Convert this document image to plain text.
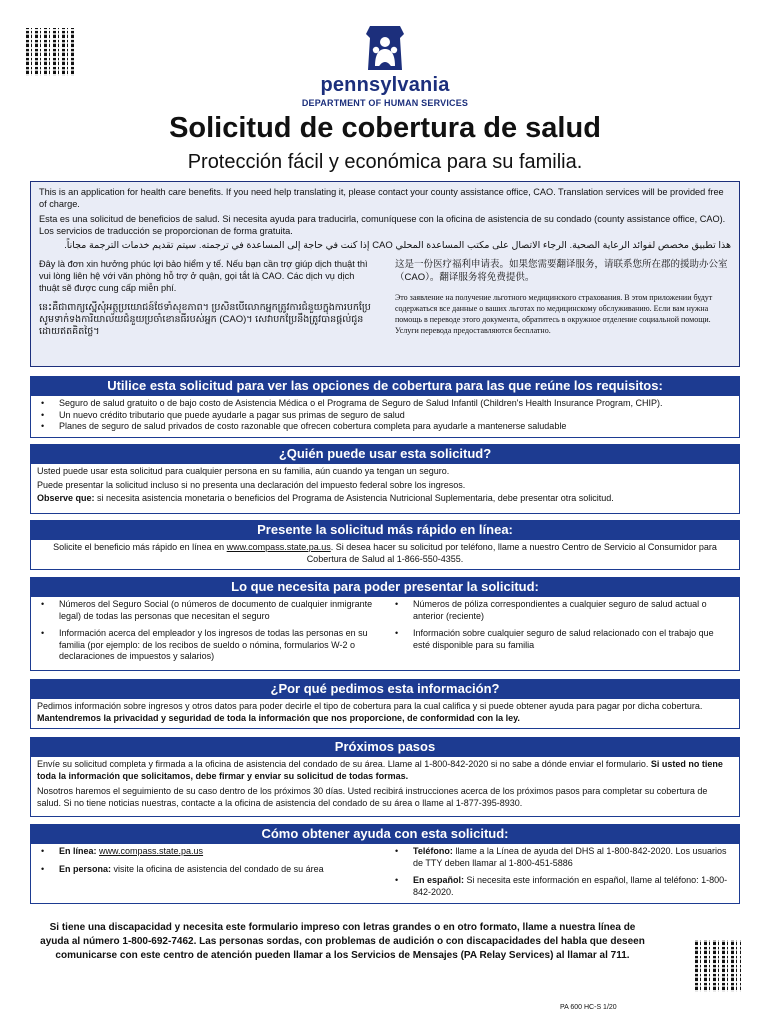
pennsylvania
DEPARTMENT OF HUMAN SERVICES
Solicitud de cobertura de salud
Protección fácil y económica para su familia.

This is an application for health care benefits. If you need help translating it, please contact your county assistance office, CAO. Translation services will be provided free of charge.

Esta es una solicitud de beneficios de salud. Si necesita ayuda para traducirla, comuníquese con la oficina de asistencia de su condado (county assistance office, CAO). Los servicios de traducción se proporcionan de forma gratuita.

هذا تطبيق مخصص لفوائد الرعاية الصحية. الرجاء الاتصال على مكتب المساعدة المحلي CAO إذا كنت في حاجة إلى المساعدة في ترجمته. سيتم تقديم خدمات الترجمة مجاناً.

Đây là đơn xin hưởng phúc lợi bảo hiểm y tế. Nếu bạn cần trợ giúp dịch thuật thì vui lòng liên hệ với văn phòng hỗ trợ ở quận, gọi tắt là CAO. Các dịch vụ dịch thuật sẽ được cung cấp miễn phí.

នេះគឺជាពាក្យស្នើសុំអត្ថប្រយោជន៍ថែទាំសុខភាព។ ប្រសិនបើលោកអ្នកត្រូវការជំនួយក្នុងការបកប្រែ សូមទាក់ទងការិយាល័យជំនួយប្រចាំខោនធីរបស់អ្នក (CAO)។ សេវាបកប្រែនឹងត្រូវបានផ្តល់ជូនដោយឥតគិតថ្លៃ។

这是一份医疗福利申请表。如果您需要翻译服务，请联系您所在郡的援助办公室（CAO）。翻译服务将免费提供。

Это заявление на получение льготного медицинского страхования. В этом приложении будут содержаться все данные о ваших льготах по медицинскому обслуживанию. Если вам нужна помощь в переводе этого документа, обратитесь в окружное отделение социальной помощи. Услуги перевода предоставляются бесплатно.

Utilice esta solicitud para ver las opciones de cobertura para las que reúne los requisitos:
• Seguro de salud gratuito o de bajo costo de Asistencia Médica o el Programa de Seguro de Salud Infantil (Children's Health Insurance Program, CHIP).
• Un nuevo crédito tributario que puede ayudarle a pagar sus primas de seguro de salud
• Planes de seguro de salud privados de costo razonable que ofrecen cobertura completa para ayudarle a mantenerse saludable
¿Quién puede usar esta solicitud?

Usted puede usar esta solicitud para cualquier persona en su familia, aún cuando ya tengan un seguro.

Puede presentar la solicitud incluso si no presenta una declaración del impuesto federal sobre los ingresos.

Observe que: si necesita asistencia monetaria o beneficios del Programa de Asistencia Nutricional Suplementaria, debe presentar otra solicitud.

Presente la solicitud más rápido en línea:

Solicite el beneficio más rápido en línea en www.compass.state.pa.us. Si desea hacer su solicitud por teléfono, llame a nuestro Centro de Servicio al Consumidor para Cobertura de Salud al 1-866-550-4355.

Lo que necesita para poder presentar la solicitud:
• Números del Seguro Social (o números de documento de cualquier inmigrante legal) de todas las personas que necesitan el seguro
• Información acerca del empleador y los ingresos de todas las personas en su familia (por ejemplo: de los recibos de sueldo o nómina, formularios W-2 o declaraciones de impuestos y salarios)
• Números de póliza correspondientes a cualquier seguro de salud actual o anterior (reciente)
• Información sobre cualquier seguro de salud relacionado con el trabajo que esté disponible para su familia
¿Por qué pedimos esta información?

Pedimos información sobre ingresos y otros datos para poder decirle el tipo de cobertura para la cual califica y si puede obtener ayuda para pagar por dicha cobertura. Mantendremos la privacidad y seguridad de toda la información que nos proporcione, de conformidad con la ley.

Próximos pasos

Envíe su solicitud completa y firmada a la oficina de asistencia del condado de su área. Llame al 1-800-842-2020 si no sabe a dónde enviar el formulario. Si usted no tiene toda la información que solicitamos, debe firmar y enviar su solicitud de todas formas.

Nosotros haremos el seguimiento de su caso dentro de los próximos 30 días. Usted recibirá instrucciones acerca de los próximos pasos para completar su cobertura de salud. Si no tiene noticias nuestras, contacte a la oficina de asistencia del condado de su área o llame al 1-877-395-8930.

Cómo obtener ayuda con esta solicitud:
• En línea: www.compass.state.pa.us
• En persona: visite la oficina de asistencia del condado de su área
• Teléfono: llame a la Línea de ayuda del DHS al 1-800-842-2020. Los usuarios de TTY deben llamar al 1-800-451-5886
• En español: Si necesita este información en español, llame al teléfono: 1-800-842-2020.
Si tiene una discapacidad y necesita este formulario impreso con letras grandes o en otro formato, llame a nuestra línea de ayuda al número 1-800-692-7462. Las personas sordas, con problemas de audición o con discapacidades del habla que deseen comunicarse con este centro de atención pueden llamar a los Servicios de Mensajes (PA Relay Services) al llamar al 711.
PA 600 HC-S 1/20
